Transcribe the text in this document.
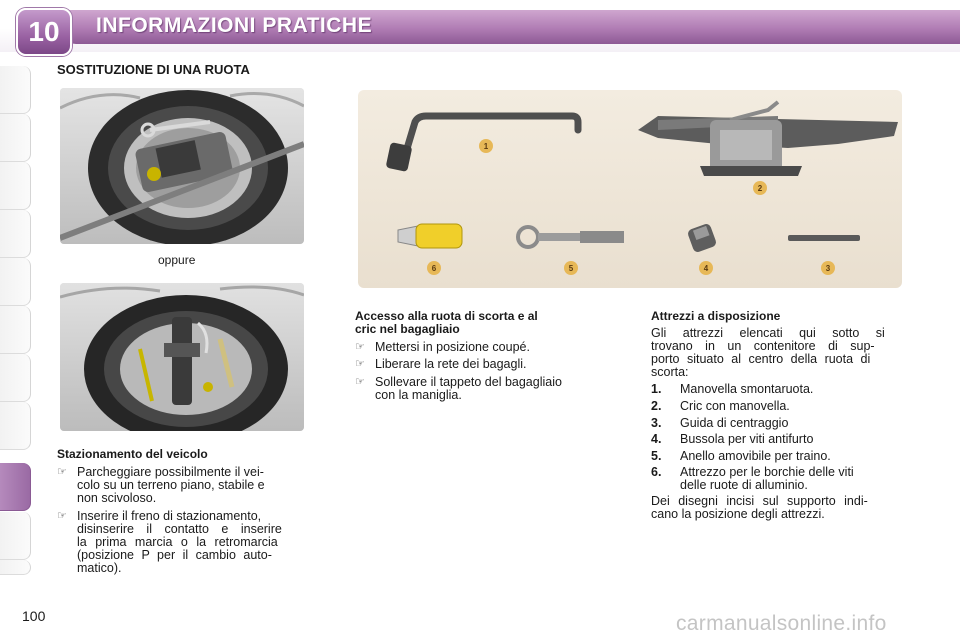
10	INFORMAZIONI PRATICHE
SOSTITUZIONE DI UNA RUOTA
oppure
1
2
3
4
5
6
Stazionamento del veicolo
☞ Parcheggiare possibilmente il vei-
colo su un terreno piano, stabile e
non scivoloso.
☞ Inserire il freno di stazionamento,
disinserire il contatto e inserire
la prima marcia o la retromarcia
(posizione P per il cambio auto-
matico).
Accesso alla ruota di scorta e al
cric nel bagagliaio
☞ Mettersi in posizione coupé.
☞ Liberare la rete dei bagagli.
☞ Sollevare il tappeto del bagagliaio
con la maniglia.
Attrezzi a disposizione
Gli attrezzi elencati qui sotto si
trovano in un contenitore di sup-
porto situato al centro della ruota di
scorta:
1. Manovella smontaruota.
2. Cric con manovella.
3. Guida di centraggio
4. Bussola per viti antifurto
5. Anello amovibile per traino.
6. Attrezzo per le borchie delle viti
delle ruote di alluminio.
Dei disegni incisi sul supporto indi-
cano la posizione degli attrezzi.
100	carmanualsonline.info
